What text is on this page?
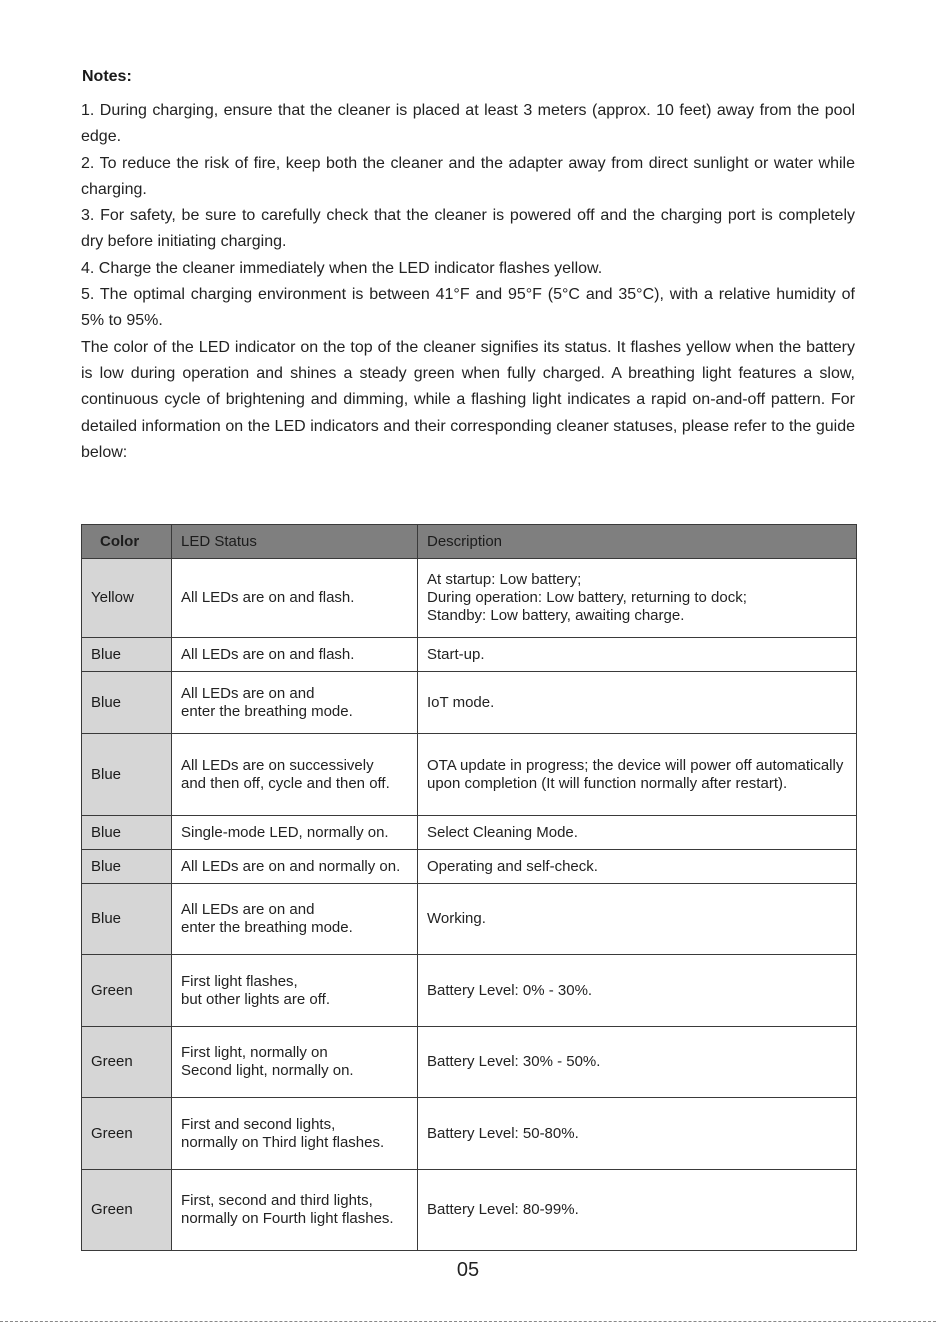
Notes:

1. During charging, ensure that the cleaner is placed at least 3 meters (approx. 10 feet) away from the pool edge.

2. To reduce the risk of fire, keep both the cleaner and the adapter away from direct sunlight or water while charging.

3. For safety, be sure to carefully check that the cleaner is powered off and the charging port is completely dry before initiating charging.

4. Charge the cleaner immediately when the LED indicator flashes yellow.

5. The optimal charging environment is between 41°F and 95°F (5°C and 35°C), with a relative humidity of 5% to 95%.

The color of the LED indicator on the top of the cleaner signifies its status. It flashes yellow when the battery is low during operation and shines a steady green when fully charged. A breathing light features a slow, continuous cycle of brightening and dimming, while a flashing light indicates a rapid on-and-off pattern. For detailed information on the LED indicators and their corresponding cleaner statuses, please refer to the guide below:

Color	LED Status	Description
Yellow	All LEDs are on and flash.	At startup: Low battery;
During operation: Low battery, returning to dock;
Standby: Low battery, awaiting charge.
Blue	All LEDs are on and flash.	Start-up.
Blue	All LEDs are on and
enter the breathing mode.	IoT mode.
Blue	All LEDs are on successively
and then off, cycle and then off.	OTA update in progress; the device will power off automatically upon completion (It will function normally after restart).
Blue	Single-mode LED, normally on.	Select Cleaning Mode.
Blue	All LEDs are on and normally on.	Operating and self-check.
Blue	All LEDs are on and
enter the breathing mode.	Working.
Green	First light flashes,
but other lights are off.	Battery Level: 0% - 30%.
Green	First light, normally on
Second light, normally on.	Battery Level: 30% - 50%.
Green	First and second lights,
normally on Third light flashes.	Battery Level: 50-80%.
Green	First, second and third lights,
normally on Fourth light flashes.	Battery Level: 80-99%.
05
